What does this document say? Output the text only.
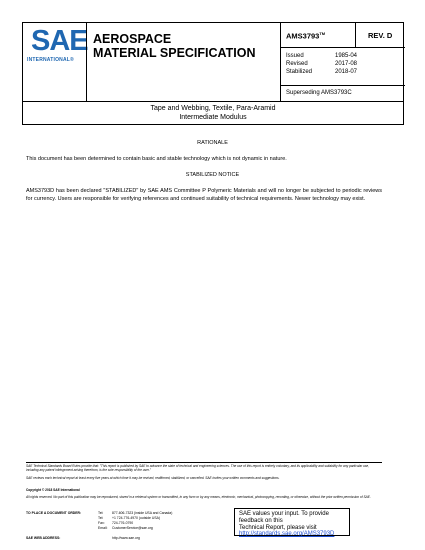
SAE
INTERNATIONAL®
AEROSPACE
MATERIAL SPECIFICATION
AMS3793™	REV. D
Issued	1985-04
Revised	2017-08
Stabilized	2018-07
Superseding AMS3793C
Tape and Webbing, Textile, Para-Aramid
Intermediate Modulus
RATIONALE
This document has been determined to contain basic and stable technology which is not dynamic in nature.
STABILIZED NOTICE
AMS3793D has been declared "STABILIZED" by SAE AMS Committee P Polymeric Materials and will no longer be subjected to periodic reviews for currency. Users are responsible for verifying references and continued suitability of technical requirements. Newer technology may exist.
SAE Technical Standards Board Rules provide that: "This report is published by SAE to advance the state of technical and engineering sciences. The use of this report is entirely voluntary, and its applicability and suitability for any particular use, including any patent infringement arising therefrom, is the sole responsibility of the user."
SAE reviews each technical report at least every five years at which time it may be revised, reaffirmed, stabilized, or cancelled. SAE invites your written comments and suggestions.
Copyright © 2018 SAE International
All rights reserved. No part of this publication may be reproduced, stored in a retrieval system or transmitted, in any form or by any means, electronic, mechanical, photocopying, recording, or otherwise, without the prior written permission of SAE.
TO PLACE A DOCUMENT ORDER:	Tel:	877-606-7323 (inside USA and Canada)
Tel:	+1 724-776-4970 (outside USA)
Fax: 724-776-0790
Email: CustomerService@sae.org
SAE WEB ADDRESS:	http://www.sae.org
SAE values your input. To provide feedback on this
Technical Report, please visit
http://standards.sae.org/AMS3793D
